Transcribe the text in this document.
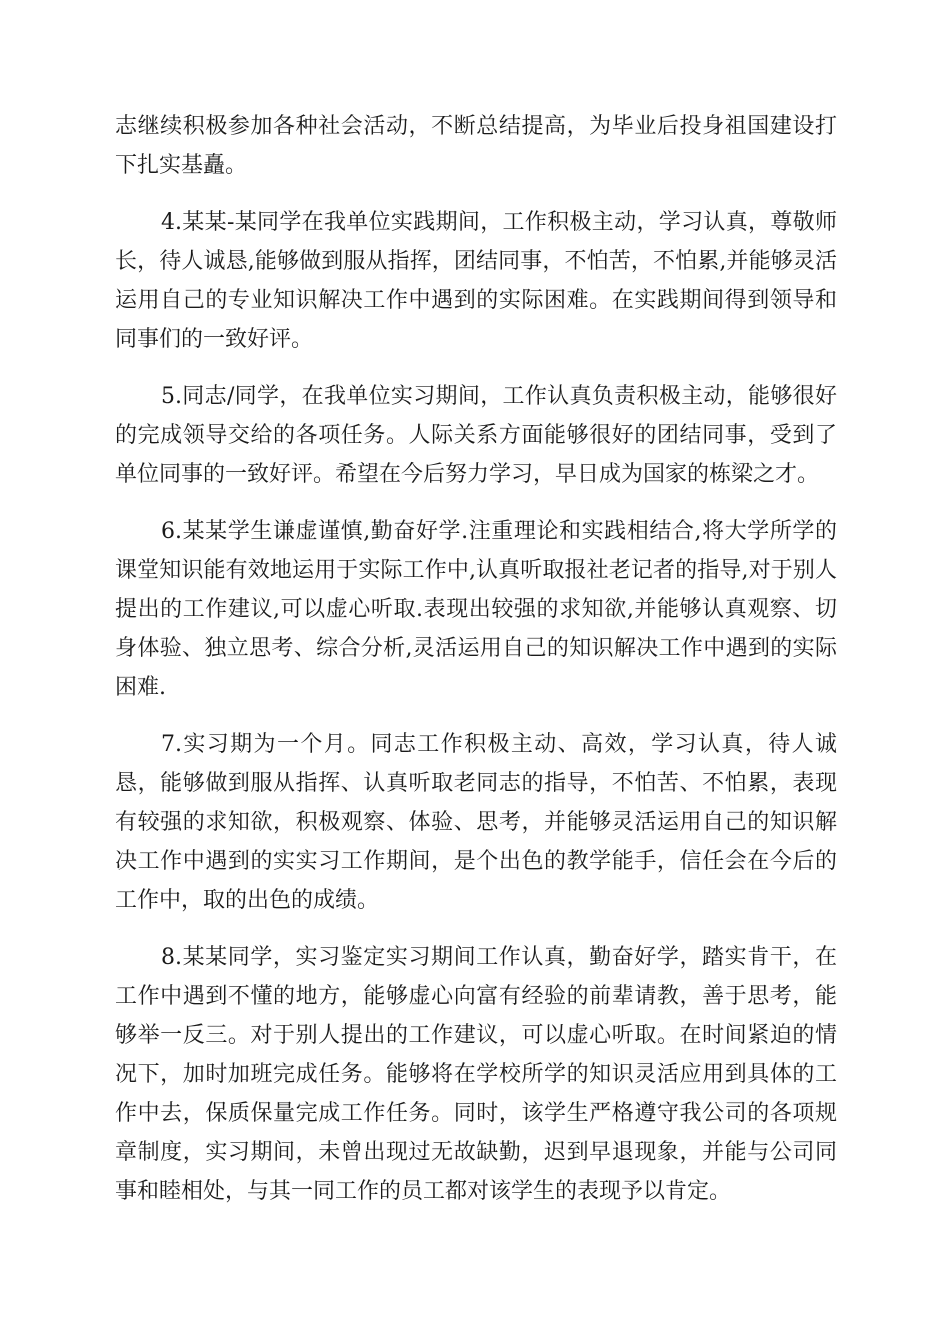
志继续积极参加各种社会活动，不断总结提高，为毕业后投身祖国建设打下扎实基矗。

4.某某-某同学在我单位实践期间，工作积极主动，学习认真，尊敬师长，待人诚恳,能够做到服从指挥，团结同事，不怕苦，不怕累,并能够灵活运用自己的专业知识解决工作中遇到的实际困难。在实践期间得到领导和同事们的一致好评。

5.同志/同学，在我单位实习期间，工作认真负责积极主动，能够很好的完成领导交给的各项任务。人际关系方面能够很好的团结同事，受到了单位同事的一致好评。希望在今后努力学习，早日成为国家的栋梁之才。

6.某某学生谦虚谨慎,勤奋好学.注重理论和实践相结合,将大学所学的课堂知识能有效地运用于实际工作中,认真听取报社老记者的指导,对于别人提出的工作建议,可以虚心听取.表现出较强的求知欲,并能够认真观察、切身体验、独立思考、综合分析,灵活运用自己的知识解决工作中遇到的实际困难.

7.实习期为一个月。同志工作积极主动、高效，学习认真，待人诚恳，能够做到服从指挥、认真听取老同志的指导，不怕苦、不怕累，表现有较强的求知欲，积极观察、体验、思考，并能够灵活运用自己的知识解决工作中遇到的实实习工作期间，是个出色的教学能手，信任会在今后的工作中，取的出色的成绩。

8.某某同学，实习鉴定实习期间工作认真，勤奋好学，踏实肯干，在工作中遇到不懂的地方，能够虚心向富有经验的前辈请教，善于思考，能够举一反三。对于别人提出的工作建议，可以虚心听取。在时间紧迫的情况下，加时加班完成任务。能够将在学校所学的知识灵活应用到具体的工作中去，保质保量完成工作任务。同时，该学生严格遵守我公司的各项规章制度，实习期间，未曾出现过无故缺勤，迟到早退现象，并能与公司同事和睦相处，与其一同工作的员工都对该学生的表现予以肯定。
